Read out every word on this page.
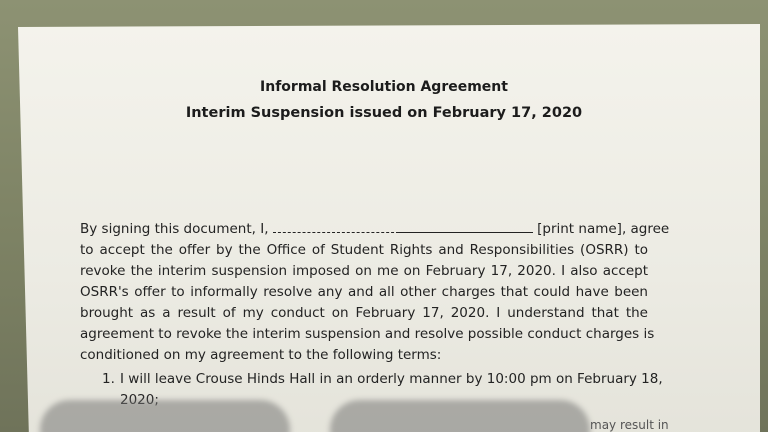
Informal Resolution Agreement
Interim Suspension issued on February 17, 2020
By signing this document, I,	[print name], agree
to accept the offer by the Office of Student Rights and Responsibilities (OSRR) to
revoke the interim suspension imposed on me on February 17, 2020. I also accept
OSRR's offer to informally resolve any and all other charges that could have been
brought as a result of my conduct on February 17, 2020. I understand that the
agreement to revoke the interim suspension and resolve possible conduct charges is
conditioned on my agreement to the following terms:
1. I will leave Crouse Hinds Hall in an orderly manner by 10:00 pm on February 18,
may result in
